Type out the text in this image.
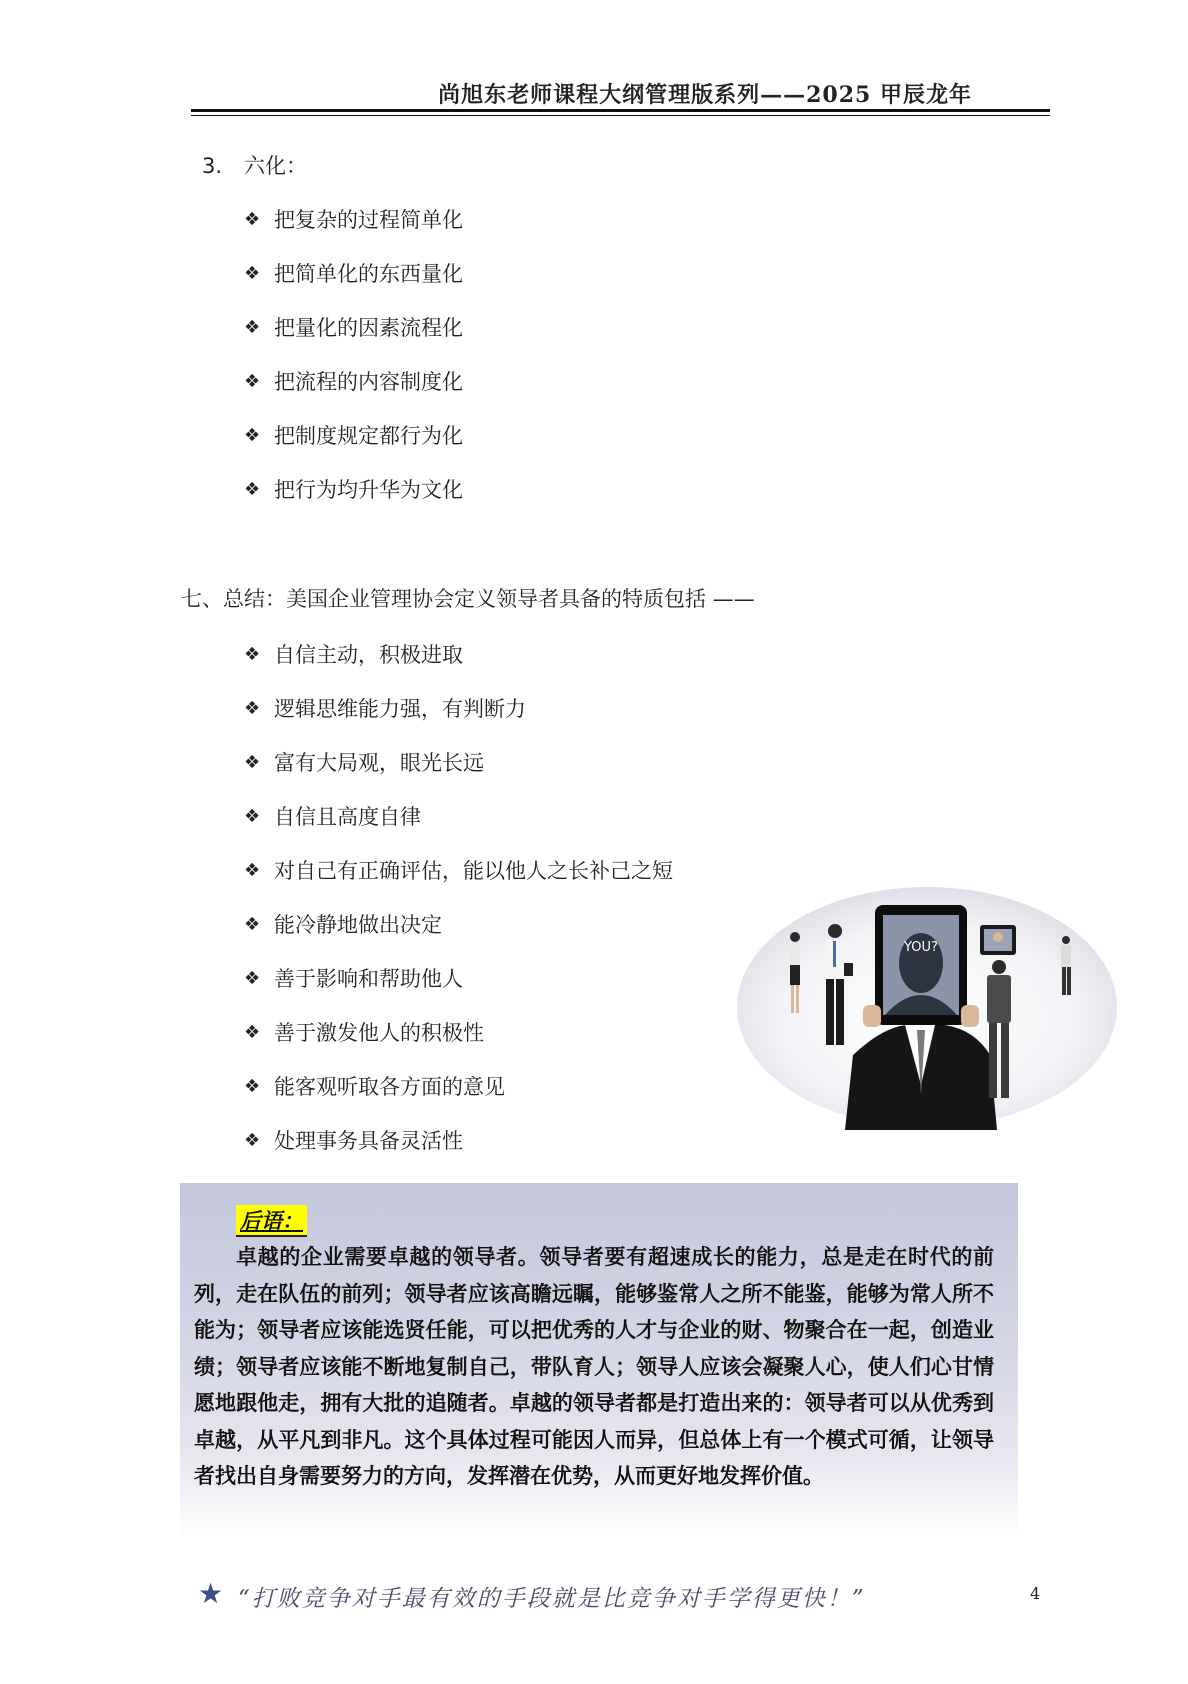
尚旭东老师课程大纲管理版系列——2025 甲辰龙年
3. 六化：
❖ 把复杂的过程简单化
❖ 把简单化的东西量化
❖ 把量化的因素流程化
❖ 把流程的内容制度化
❖ 把制度规定都行为化
❖ 把行为均升华为文化
七、总结：美国企业管理协会定义领导者具备的特质包括 ——
❖ 自信主动，积极进取
❖ 逻辑思维能力强，有判断力
❖ 富有大局观，眼光长远
❖ 自信且高度自律
❖ 对自己有正确评估，能以他人之长补己之短
❖ 能冷静地做出决定
❖ 善于影响和帮助他人
❖ 善于激发他人的积极性
❖ 能客观听取各方面的意见
❖ 处理事务具备灵活性
YOU?
后语：

卓越的企业需要卓越的领导者。领导者要有超速成长的能力，总是走在时代的前列，走在队伍的前列；领导者应该高瞻远瞩，能够鉴常人之所不能鉴，能够为常人所不能为；领导者应该能选贤任能，可以把优秀的人才与企业的财、物聚合在一起，创造业绩；领导者应该能不断地复制自己，带队育人；领导人应该会凝聚人心，使人们心甘情愿地跟他走，拥有大批的追随者。卓越的领导者都是打造出来的：领导者可以从优秀到卓越，从平凡到非凡。这个具体过程可能因人而异，但总体上有一个模式可循，让领导者找出自身需要努力的方向，发挥潜在优势，从而更好地发挥价值。

★ “打败竞争对手最有效的手段就是比竞争对手学得更快！”	4
